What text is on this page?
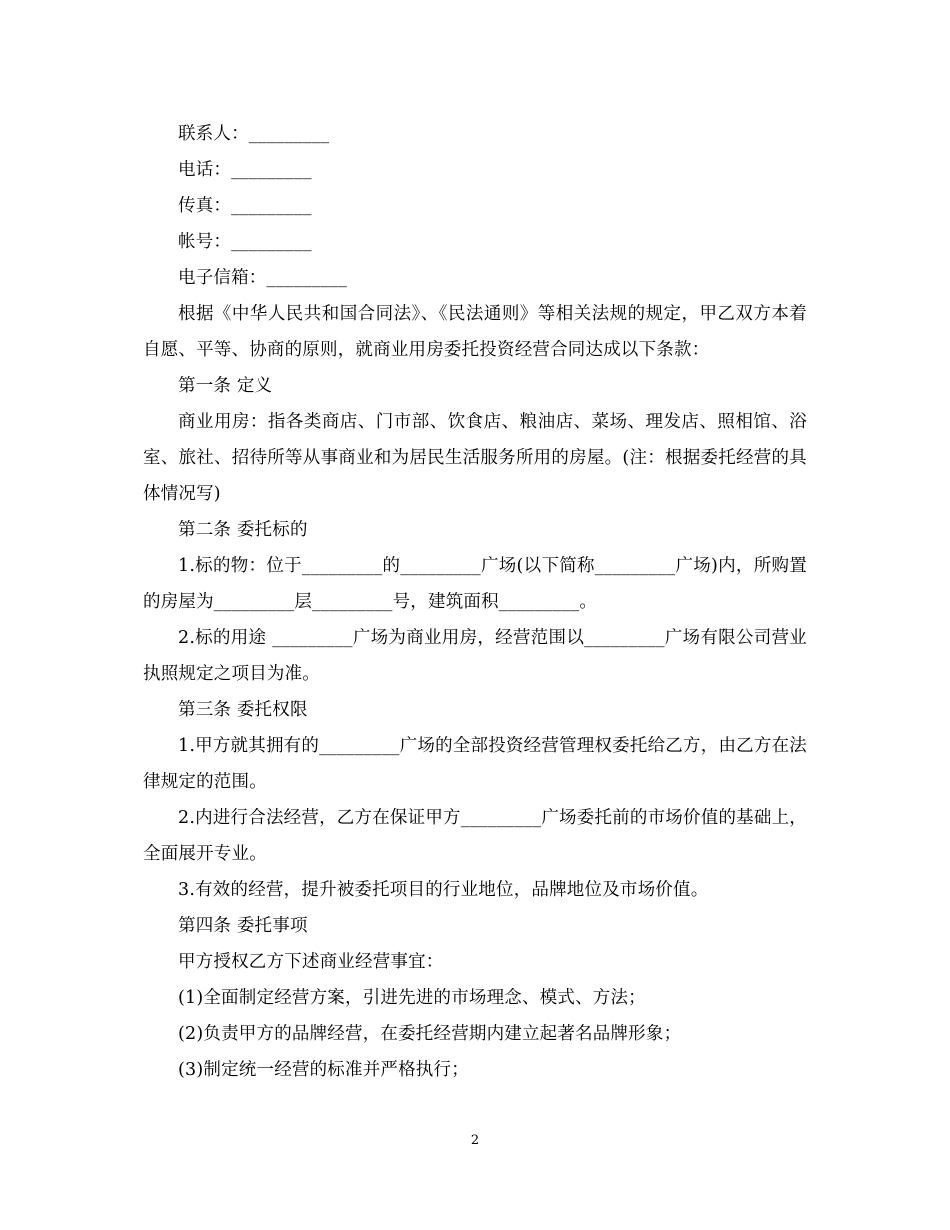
联系人：_________

电话：_________

传真：_________

帐号：_________

电子信箱：_________

根据《中华人民共和国合同法》、《民法通则》等相关法规的规定，甲乙双方本着自愿、平等、协商的原则，就商业用房委托投资经营合同达成以下条款：

第一条 定义

商业用房：指各类商店、门市部、饮食店、粮油店、菜场、理发店、照相馆、浴室、旅社、招待所等从事商业和为居民生活服务所用的房屋。(注：根据委托经营的具体情况写)

第二条 委托标的

1.标的物：位于_________的_________广场(以下简称_________广场)内，所购置的房屋为_________层_________号，建筑面积_________。

2.标的用途 _________广场为商业用房，经营范围以_________广场有限公司营业执照规定之项目为准。

第三条 委托权限

1.甲方就其拥有的_________广场的全部投资经营管理权委托给乙方，由乙方在法律规定的范围。

2.内进行合法经营，乙方在保证甲方_________广场委托前的市场价值的基础上，全面展开专业。

3.有效的经营，提升被委托项目的行业地位，品牌地位及市场价值。

第四条 委托事项

甲方授权乙方下述商业经营事宜：

(1)全面制定经营方案，引进先进的市场理念、模式、方法；

(2)负责甲方的品牌经营，在委托经营期内建立起著名品牌形象；

(3)制定统一经营的标准并严格执行；

2
